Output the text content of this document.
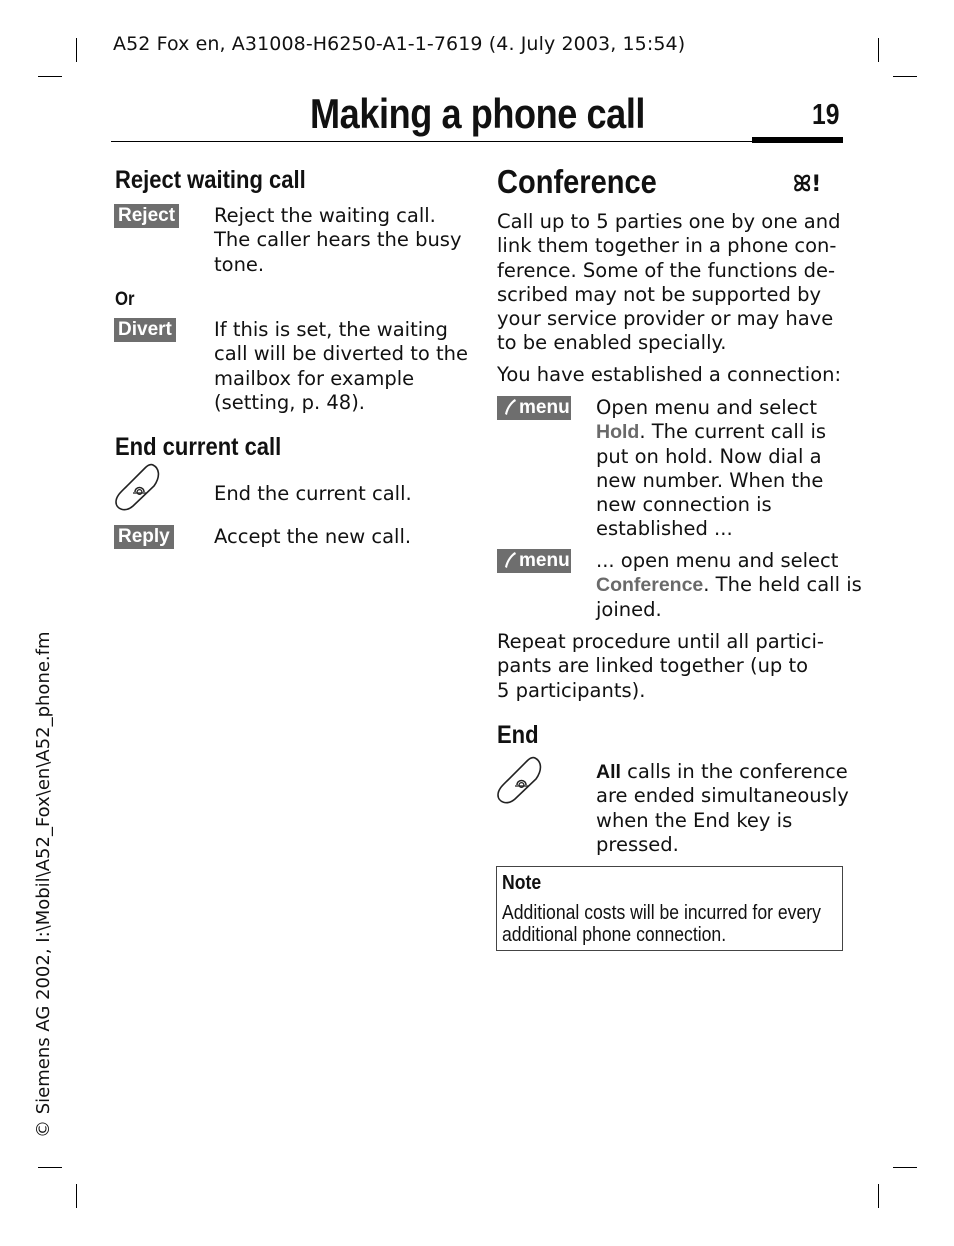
A52 Fox en, A31008-H6250-A1-1-7619 (4. July 2003, 15:54)
Making a phone call	19
© Siemens AG 2002, I:\Mobil\A52_Fox\en\A52_phone.fm
Reject waiting call
Reject Reject the waiting call.
The caller hears the busy
tone.
Or
Divert If this is set, the waiting
call will be diverted to the
mailbox for example
(setting, p. 48).
End current call
End the current call.
Reply Accept the new call.
Conference	ꕤ!
Call up to 5 parties one by one and
link them together in a phone con-
ference. Some of the functions de-
scribed may not be supported by
your service provider or may have
to be enabled specially.
You have established a connection:
menu Open menu and select
Hold. The current call is
put on hold. Now dial a
new number. When the
new connection is
established ...
menu ... open menu and select
Conference. The held call is
joined.
Repeat procedure until all partici-
pants are linked together (up to
5 participants).
End
All calls in the conference
are ended simultaneously
when the End key is
pressed.
Note
Additional costs will be incurred for every
additional phone connection.
